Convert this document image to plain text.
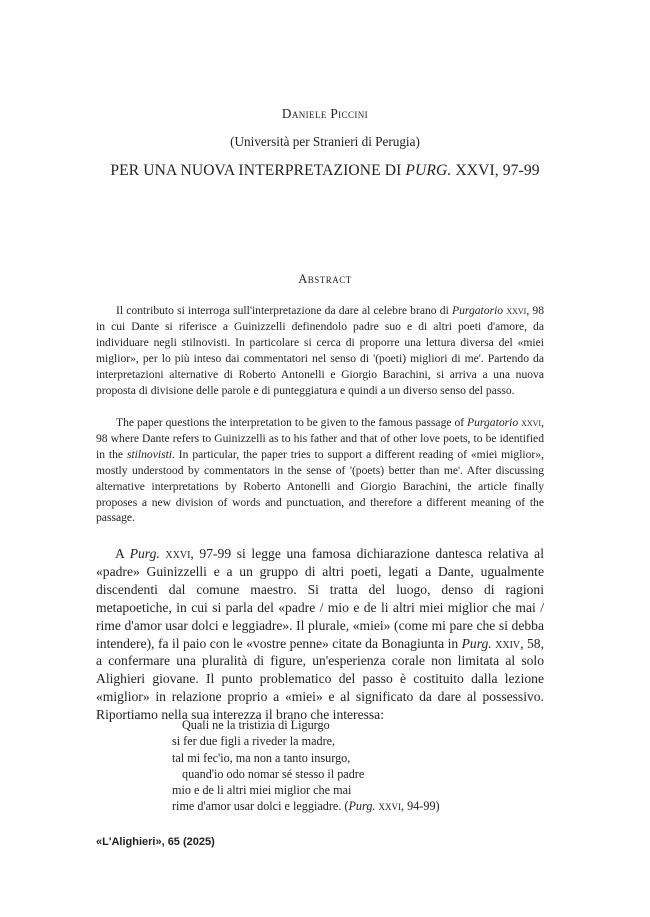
Daniele Piccini
(Università per Stranieri di Perugia)
PER UNA NUOVA INTERPRETAZIONE DI PURG. XXVI, 97-99
Abstract

Il contributo si interroga sull'interpretazione da dare al celebre brano di Purgatorio xxvi, 98 in cui Dante si riferisce a Guinizzelli definendolo padre suo e di altri poeti d'amore, da individuare negli stilnovisti. In particolare si cerca di proporre una lettura diversa del «miei miglior», per lo più inteso dai commentatori nel senso di '(poeti) migliori di me'. Partendo da interpretazioni alternative di Roberto Antonelli e Giorgio Barachini, si arriva a una nuova proposta di divisione delle parole e di punteggiatura e quindi a un diverso senso del passo.

The paper questions the interpretation to be given to the famous passage of Purgatorio xxvi, 98 where Dante refers to Guinizzelli as to his father and that of other love poets, to be identified in the stilnovisti. In particular, the paper tries to support a different reading of «miei miglior», mostly understood by commentators in the sense of '(poets) better than me'. After discussing alternative interpretations by Roberto Antonelli and Giorgio Barachini, the article finally proposes a new division of words and punctuation, and therefore a different meaning of the passage.

A Purg. xxvi, 97-99 si legge una famosa dichiarazione dantesca relativa al «padre» Guinizzelli e a un gruppo di altri poeti, legati a Dante, ugualmente discendenti dal comune maestro. Si tratta del luogo, denso di ragioni metapoetiche, in cui si parla del «padre / mio e de li altri miei miglior che mai / rime d'amor usar dolci e leggiadre». Il plurale, «miei» (come mi pare che si debba intendere), fa il paio con le «vostre penne» citate da Bonagiunta in Purg. xxiv, 58, a confermare una pluralità di figure, un'esperienza corale non limitata al solo Alighieri giovane. Il punto problematico del passo è costituito dalla lezione «miglior» in relazione proprio a «miei» e al significato da dare al possessivo. Riportiamo nella sua interezza il brano che interessa:

Quali ne la tristizia di Ligurgo
si fer due figli a riveder la madre,
tal mi fec'io, ma non a tanto insurgo,
quand'io odo nomar sé stesso il padre
mio e de li altri miei miglior che mai
rime d'amor usar dolci e leggiadre. (Purg. xxvi, 94-99)
«L'Alighieri», 65 (2025)
